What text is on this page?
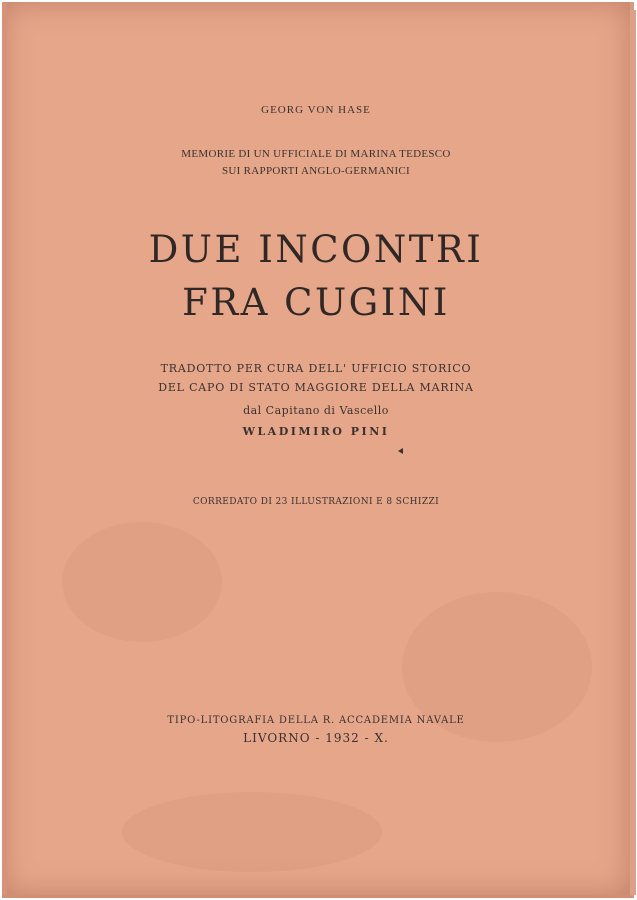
GEORG VON HASE
MEMORIE DI UN UFFICIALE DI MARINA TEDESCO
SUI RAPPORTI ANGLO-GERMANICI
DUE INCONTRI
FRA CUGINI
TRADOTTO PER CURA DELL' UFFICIO STORICO
DEL CAPO DI STATO MAGGIORE DELLA MARINA
dal Capitano di Vascello
WLADIMIRO PINI
CORREDATO DI 23 ILLUSTRAZIONI E 8 SCHIZZI
TIPO-LITOGRAFIA DELLA R. ACCADEMIA NAVALE
LIVORNO - 1932 - X.
